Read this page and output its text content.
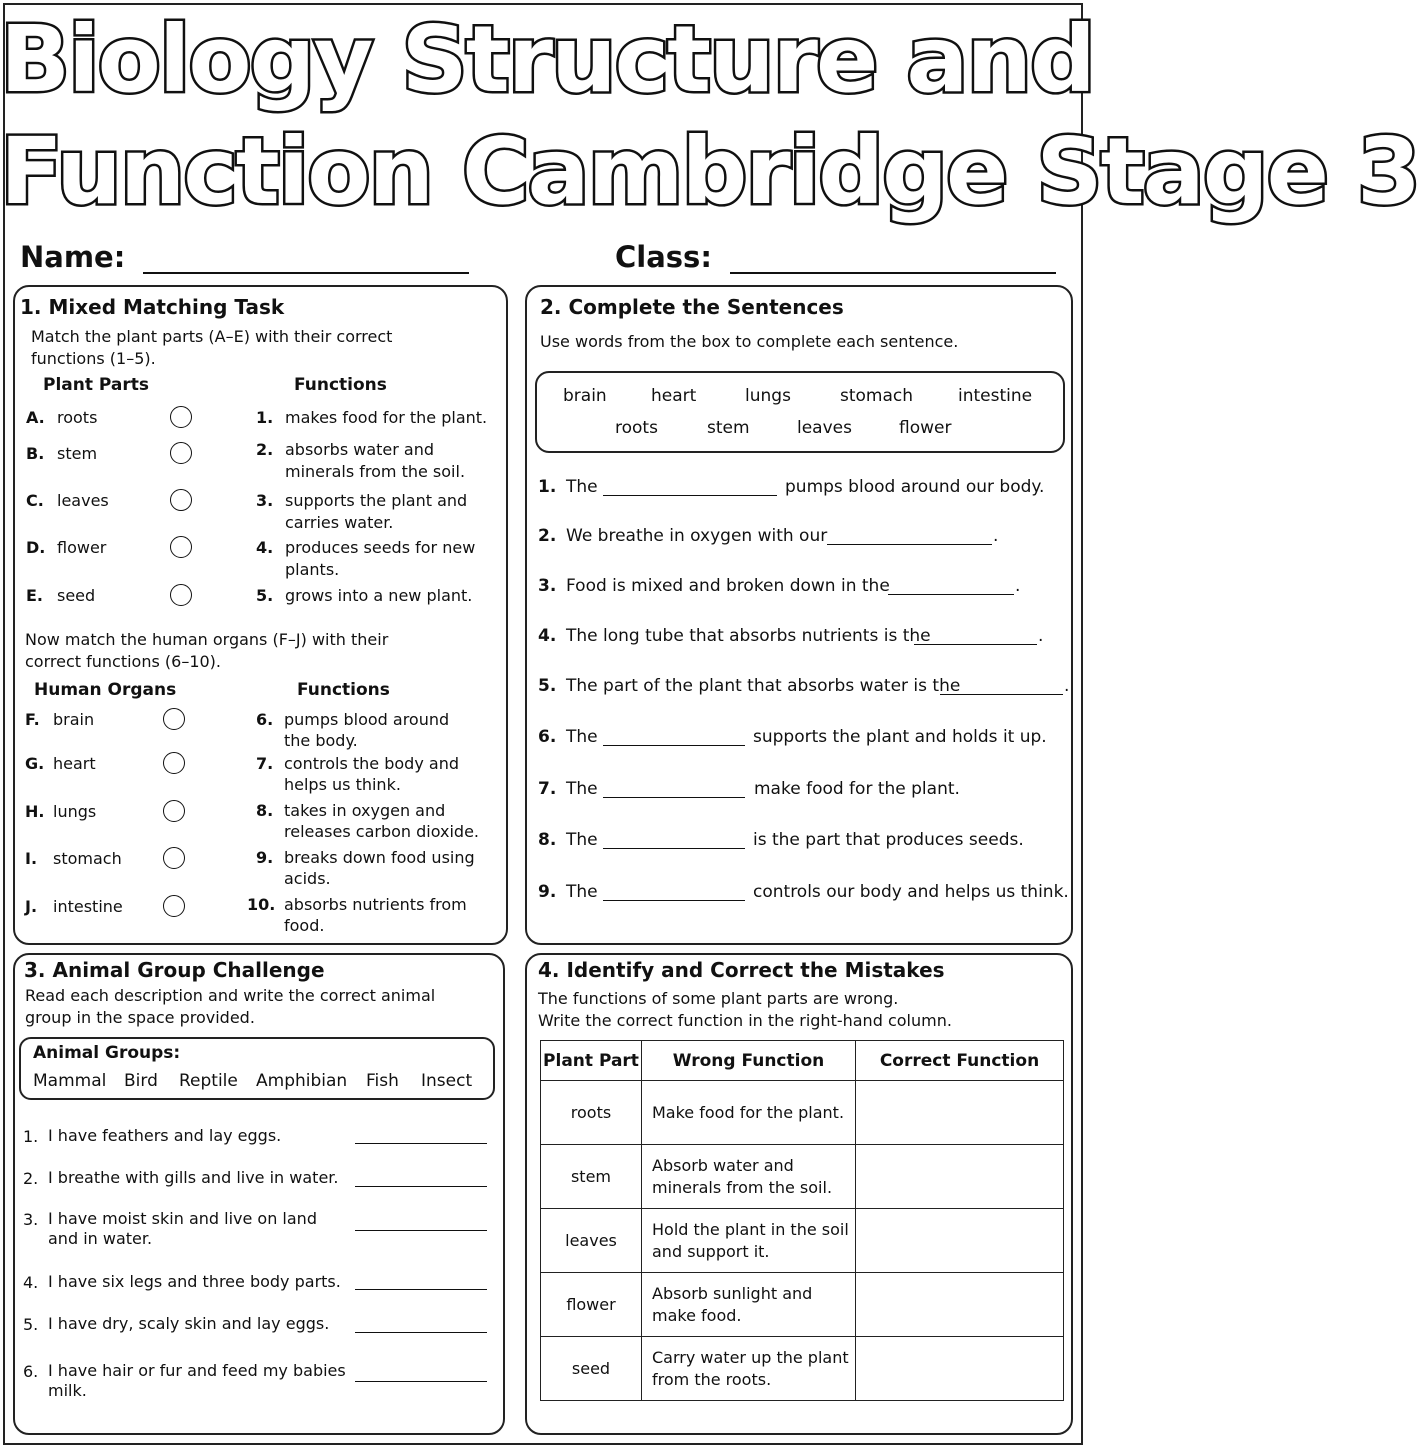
Biology Structure and
Function Cambridge Stage 3
Name:	Class:
1. Mixed Matching Task
Match the plant parts (A–E) with their correct functions (1–5).
Plant Parts	Functions
A. roots	1. makes food for the plant.
B. stem	2. absorbs water and minerals from the soil.
C. leaves	3. supports the plant and carries water.
D. flower	4. produces seeds for new plants.
E. seed	5. grows into a new plant.
Now match the human organs (F–J) with their correct functions (6–10).
Human Organs	Functions
F. brain	6. pumps blood around the body.
G. heart	7. controls the body and helps us think.
H. lungs	8. takes in oxygen and releases carbon dioxide.
I. stomach	9. breaks down food using acids.
J. intestine	10. absorbs nutrients from food.
2. Complete the Sentences
Use words from the box to complete each sentence.
brain	heart	lungs	stomach	intestine
roots	stem	leaves	flower
1. The	pumps blood around our body.
2. We breathe in oxygen with our	.
3. Food is mixed and broken down in the	.
4. The long tube that absorbs nutrients is the	.
5. The part of the plant that absorbs water is the	.
6. The	supports the plant and holds it up.
7. The	make food for the plant.
8. The	is the part that produces seeds.
9. The	controls our body and helps us think.
3. Animal Group Challenge
Read each description and write the correct animal group in the space provided.
Animal Groups:
Mammal Bird Reptile Amphibian Fish Insect
1. I have feathers and lay eggs.
2. I breathe with gills and live in water.
3. I have moist skin and live on land and in water.
4. I have six legs and three body parts.
5. I have dry, scaly skin and lay eggs.
6. I have hair or fur and feed my babies milk.
4. Identify and Correct the Mistakes
The functions of some plant parts are wrong.
Write the correct function in the right-hand column.
Plant Part	Wrong Function	Correct Function
roots	Make food for the plant.	
stem	Absorb water and minerals from the soil.	
leaves	Hold the plant in the soil and support it.	
flower	Absorb sunlight and make food.	
seed	Carry water up the plant from the roots.	
